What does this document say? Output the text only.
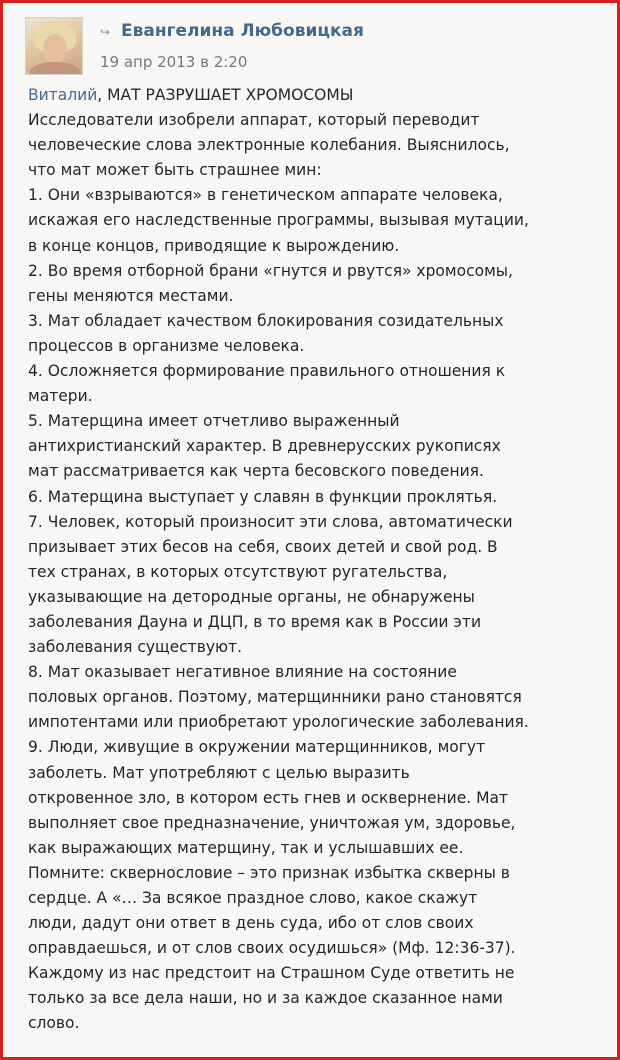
↪ Евангелина Любовицкая
19 апр 2013 в 2:20
Виталий, МАТ РАЗРУШАЕТ ХРОМОСОМЫ
Исследователи изобрели аппарат, который переводит
человеческие слова электронные колебания. Выяснилось,
что мат может быть страшнее мин:
1. Они «взрываются» в генетическом аппарате человека,
искажая его наследственные программы, вызывая мутации,
в конце концов, приводящие к вырождению.
2. Во время отборной брани «гнутся и рвутся» хромосомы,
гены меняются местами.
3. Мат обладает качеством блокирования созидательных
процессов в организме человека.
4. Осложняется формирование правильного отношения к
матери.
5. Матерщина имеет отчетливо выраженный
антихристианский характер. В древнерусских рукописях
мат рассматривается как черта бесовского поведения.
6. Матерщина выступает у славян в функции проклятья.
7. Человек, который произносит эти слова, автоматически
призывает этих бесов на себя, своих детей и свой род. В
тех странах, в которых отсутствуют ругательства,
указывающие на детородные органы, не обнаружены
заболевания Дауна и ДЦП, в то время как в России эти
заболевания существуют.
8. Мат оказывает негативное влияние на состояние
половых органов. Поэтому, матерщинники рано становятся
импотентами или приобретают урологические заболевания.
9. Люди, живущие в окружении матерщинников, могут
заболеть. Мат употребляют с целью выразить
откровенное зло, в котором есть гнев и осквернение. Мат
выполняет свое предназначение, уничтожая ум, здоровье,
как выражающих матерщину, так и услышавших ее.
Помните: сквернословие – это признак избытка скверны в
сердце. А «… За всякое праздное слово, какое скажут
люди, дадут они ответ в день суда, ибо от слов своих
оправдаешься, и от слов своих осудишься» (Мф. 12:36-37).
Каждому из нас предстоит на Страшном Суде ответить не
только за все дела наши, но и за каждое сказанное нами
слово.
